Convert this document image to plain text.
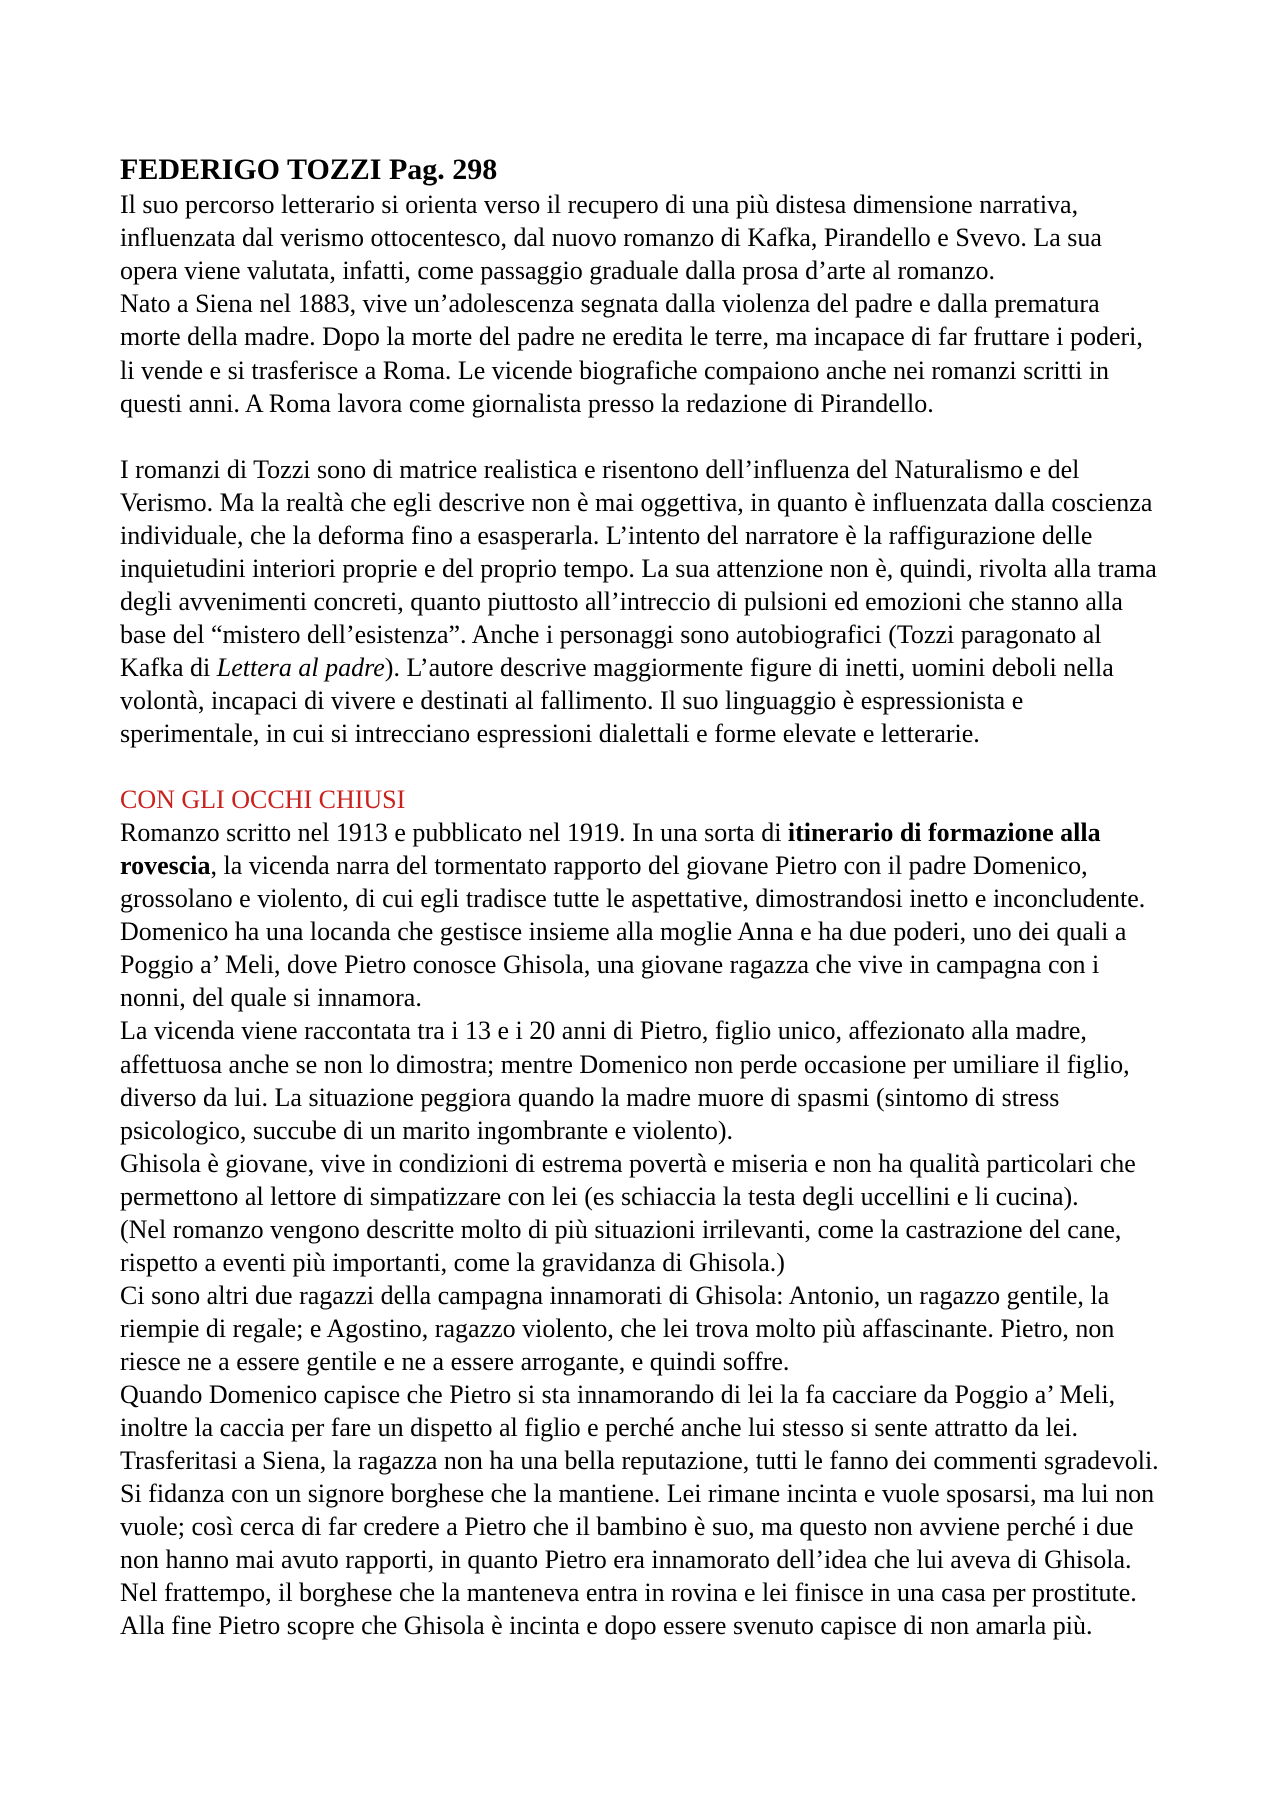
FEDERIGO TOZZI Pag. 298
Il suo percorso letterario si orienta verso il recupero di una più distesa dimensione narrativa,
influenzata dal verismo ottocentesco, dal nuovo romanzo di Kafka, Pirandello e Svevo. La sua
opera viene valutata, infatti, come passaggio graduale dalla prosa d’arte al romanzo.
Nato a Siena nel 1883, vive un’adolescenza segnata dalla violenza del padre e dalla prematura
morte della madre. Dopo la morte del padre ne eredita le terre, ma incapace di far fruttare i poderi,
li vende e si trasferisce a Roma. Le vicende biografiche compaiono anche nei romanzi scritti in
questi anni. A Roma lavora come giornalista presso la redazione di Pirandello.
I romanzi di Tozzi sono di matrice realistica e risentono dell’influenza del Naturalismo e del
Verismo. Ma la realtà che egli descrive non è mai oggettiva, in quanto è influenzata dalla coscienza
individuale, che la deforma fino a esasperarla. L’intento del narratore è la raffigurazione delle
inquietudini interiori proprie e del proprio tempo. La sua attenzione non è, quindi, rivolta alla trama
degli avvenimenti concreti, quanto piuttosto all’intreccio di pulsioni ed emozioni che stanno alla
base del “mistero dell’esistenza”. Anche i personaggi sono autobiografici (Tozzi paragonato al
Kafka di Lettera al padre). L’autore descrive maggiormente figure di inetti, uomini deboli nella
volontà, incapaci di vivere e destinati al fallimento. Il suo linguaggio è espressionista e
sperimentale, in cui si intrecciano espressioni dialettali e forme elevate e letterarie.
CON GLI OCCHI CHIUSI
Romanzo scritto nel 1913 e pubblicato nel 1919. In una sorta di itinerario di formazione alla
rovescia, la vicenda narra del tormentato rapporto del giovane Pietro con il padre Domenico,
grossolano e violento, di cui egli tradisce tutte le aspettative, dimostrandosi inetto e inconcludente.
Domenico ha una locanda che gestisce insieme alla moglie Anna e ha due poderi, uno dei quali a
Poggio a’ Meli, dove Pietro conosce Ghisola, una giovane ragazza che vive in campagna con i
nonni, del quale si innamora.
La vicenda viene raccontata tra i 13 e i 20 anni di Pietro, figlio unico, affezionato alla madre,
affettuosa anche se non lo dimostra; mentre Domenico non perde occasione per umiliare il figlio,
diverso da lui. La situazione peggiora quando la madre muore di spasmi (sintomo di stress
psicologico, succube di un marito ingombrante e violento).
Ghisola è giovane, vive in condizioni di estrema povertà e miseria e non ha qualità particolari che
permettono al lettore di simpatizzare con lei (es schiaccia la testa degli uccellini e li cucina).
(Nel romanzo vengono descritte molto di più situazioni irrilevanti, come la castrazione del cane,
rispetto a eventi più importanti, come la gravidanza di Ghisola.)
Ci sono altri due ragazzi della campagna innamorati di Ghisola: Antonio, un ragazzo gentile, la
riempie di regale; e Agostino, ragazzo violento, che lei trova molto più affascinante. Pietro, non
riesce ne a essere gentile e ne a essere arrogante, e quindi soffre.
Quando Domenico capisce che Pietro si sta innamorando di lei la fa cacciare da Poggio a’ Meli,
inoltre la caccia per fare un dispetto al figlio e perché anche lui stesso si sente attratto da lei.
Trasferitasi a Siena, la ragazza non ha una bella reputazione, tutti le fanno dei commenti sgradevoli.
Si fidanza con un signore borghese che la mantiene. Lei rimane incinta e vuole sposarsi, ma lui non
vuole; così cerca di far credere a Pietro che il bambino è suo, ma questo non avviene perché i due
non hanno mai avuto rapporti, in quanto Pietro era innamorato dell’idea che lui aveva di Ghisola.
Nel frattempo, il borghese che la manteneva entra in rovina e lei finisce in una casa per prostitute.
Alla fine Pietro scopre che Ghisola è incinta e dopo essere svenuto capisce di non amarla più.
